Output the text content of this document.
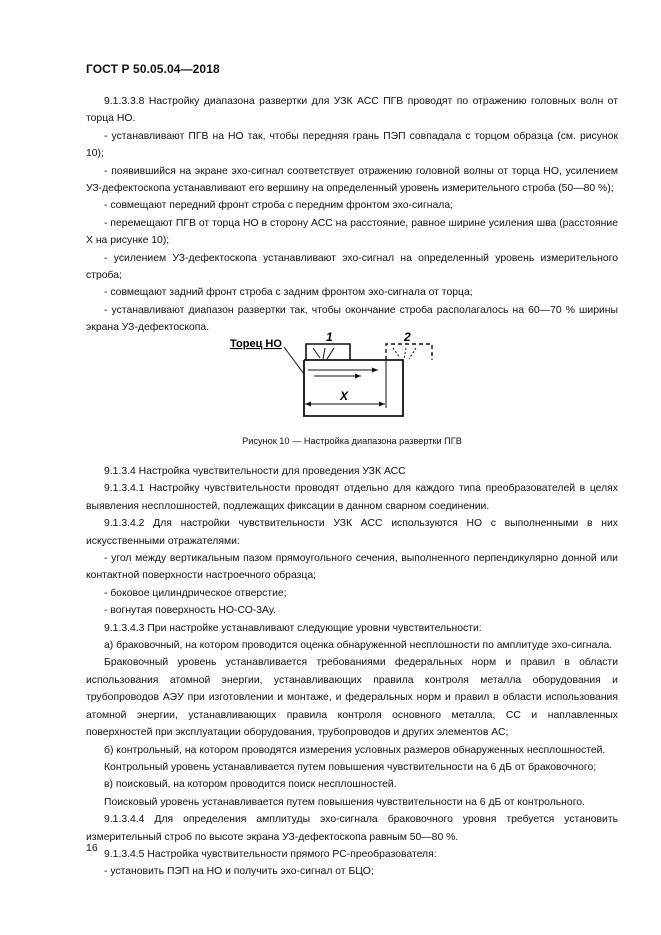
ГОСТ Р 50.05.04—2018

9.1.3.3.8 Настройку диапазона развертки для УЗК АСС ПГВ проводят по отражению головных волн от торца НО.

- устанавливают ПГВ на НО так, чтобы передняя грань ПЭП совпадала с торцом образца (см. рисунок 10);

- появившийся на экране эхо-сигнал соответствует отражению головной волны от торца НО, усилением УЗ-дефектоскопа устанавливают его вершину на определенный уровень измерительного строба (50—80 %);

- совмещают передний фронт строба с передним фронтом эхо-сигнала;

- перемещают ПГВ от торца НО в сторону АСС на расстояние, равное ширине усиления шва (расстояние X на рисунке 10);

- усилением УЗ-дефектоскопа устанавливают эхо-сигнал на определенный уровень измерительного строба;

- совмещают задний фронт строба с задним фронтом эхо-сигнала от торца;

- устанавливают диапазон развертки так, чтобы окончание строба располагалось на 60—70 % ширины экрана УЗ-дефектоскопа.

Торец НО	1	2
X
Рисунок 10 — Настройка диапазона развертки ПГВ

9.1.3.4 Настройка чувствительности для проведения УЗК АСС

9.1.3.4.1 Настройку чувствительности проводят отдельно для каждого типа преобразователей в целях выявления несплошностей, подлежащих фиксации в данном сварном соединении.

9.1.3.4.2 Для настройки чувствительности УЗК АСС используются НО с выполненными в них искусственными отражателями:

- угол между вертикальным пазом прямоугольного сечения, выполненного перпендикулярно донной или контактной поверхности настроечного образца;

- боковое цилиндрическое отверстие;

- вогнутая поверхность НО-СО-3Ау.

9.1.3.4.3 При настройке устанавливают следующие уровни чувствительности:

а) браковочный, на котором проводится оценка обнаруженной несплошности по амплитуде эхо-сигнала.

Браковочный уровень устанавливается требованиями федеральных норм и правил в области использования атомной энергии, устанавливающих правила контроля металла оборудования и трубопроводов АЭУ при изготовлении и монтаже, и федеральных норм и правил в области использования атомной энергии, устанавливающих правила контроля основного металла, СС и наплавленных поверхностей при эксплуатации оборудования, трубопроводов и других элементов АС;

б) контрольный, на котором проводятся измерения условных размеров обнаруженных несплошностей.

Контрольный уровень устанавливается путем повышения чувствительности на 6 дБ от браковочного;

в) поисковый, на котором проводится поиск несплошностей.

Поисковый уровень устанавливается путем повышения чувствительности на 6 дБ от контрольного.

9.1.3.4.4 Для определения амплитуды эхо-сигнала браковочного уровня требуется установить измерительный строб по высоте экрана УЗ-дефектоскопа равным 50—80 %.

9.1.3.4.5 Настройка чувствительности прямого РС-преобразователя:

- установить ПЭП на НО и получить эхо-сигнал от БЦО;

16
